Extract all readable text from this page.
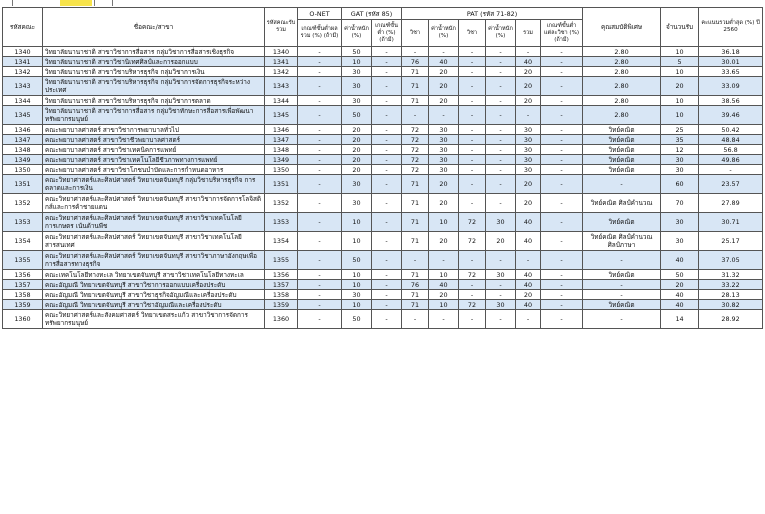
รหัสคณะ	ชื่อคณะ/สาขา	รหัสคณะรับรวม	O-NET	GAT (รหัส 85)		PAT (รหัส 71-82)						คุณสมบัติพิเศษ	จำนวนรับ	คะแนนรวมต่ำสุด (%) ปี 2560
			เกณฑ์ขั้นต่ำผลรวม (%) (ถ้ามี)	ค่าน้ำหนัก (%)	เกณฑ์ขั้นต่ำ (%) (ถ้ามี)	วิชา	ค่าน้ำหนัก (%)	วิชา	ค่าน้ำหนัก (%)	รวม	เกณฑ์ขั้นต่ำแต่ละวิชา (%) (ถ้ามี)			
1340	วิทยาลัยนานาชาติ สาขาวิชาการสื่อสาร กลุ่มวิชาการสื่อสารเชิงธุรกิจ	1340	-	50	-	-	-	-	-	-	-	2.80	10	36.18
1341	วิทยาลัยนานาชาติ สาขาวิชานิเทศศิลป์และการออกแบบ	1341	-	10	-	76	40	-	-	40	-	2.80	5	30.01
1342	วิทยาลัยนานาชาติ สาขาวิชาบริหารธุรกิจ กลุ่มวิชาการเงิน	1342	-	30	-	71	20	-	-	20	-	2.80	10	33.65
1343	วิทยาลัยนานาชาติ สาขาวิชาบริหารธุรกิจ กลุ่มวิชาการจัดการธุรกิจระหว่างประเทศ	1343	-	30	-	71	20	-	-	20	-	2.80	20	33.09
1344	วิทยาลัยนานาชาติ สาขาวิชาบริหารธุรกิจ กลุ่มวิชาการตลาด	1344	-	30	-	71	20	-	-	20	-	2.80	10	38.56
1345	วิทยาลัยนานาชาติ สาขาวิชาการสื่อสาร กลุ่มวิชาทักษะการสื่อสารเพื่อพัฒนาทรัพยากรมนุษย์	1345	-	50	-	-	-	-	-	-	-	2.80	10	39.46
1346	คณะพยาบาลศาสตร์ สาขาวิชาการพยาบาลทั่วไป	1346	-	20	-	72	30	-	-	30	-	วิทย์คณิต	25	50.42
1347	คณะพยาบาลศาสตร์ สาขาวิชาชีวพยาบาลศาสตร์	1347	-	20	-	72	30	-	-	30	-	วิทย์คณิต	35	48.84
1348	คณะพยาบาลศาสตร์ สาขาวิชาเทคนิคการแพทย์	1348	-	20	-	72	30	-	-	30	-	วิทย์คณิต	12	56.8
1349	คณะพยาบาลศาสตร์ สาขาวิชาเทคโนโลยีชีวภาพทางการแพทย์	1349	-	20	-	72	30	-	-	30	-	วิทย์คณิต	30	49.86
1350	คณะพยาบาลศาสตร์ สาขาวิชาโภชนบำบัดและการกำหนดอาหาร	1350	-	20	-	72	30	-	-	30	-	วิทย์คณิต	30	-
1351	คณะวิทยาศาสตร์และศิลปศาสตร์ วิทยาเขตจันทบุรี กลุ่มวิชาบริหารธุรกิจ การตลาดและการเงิน	1351	-	30	-	71	20	-	-	20	-	-	60	23.57
1352	คณะวิทยาศาสตร์และศิลปศาสตร์ วิทยาเขตจันทบุรี สาขาวิชาการจัดการโลจิสติกส์และการค้าชายแดน	1352	-	30	-	71	20	-	-	20	-	วิทย์คณิต ศิลป์คำนวณ	70	27.89
1353	คณะวิทยาศาสตร์และศิลปศาสตร์ วิทยาเขตจันทบุรี สาขาวิชาเทคโนโลยีการเกษตร เน้นด้านพืช	1353	-	10	-	71	10	72	30	40	-	วิทย์คณิต	30	30.71
1354	คณะวิทยาศาสตร์และศิลปศาสตร์ วิทยาเขตจันทบุรี สาขาวิชาเทคโนโลยีสารสนเทศ	1354	-	10	-	71	20	72	20	40	-	วิทย์คณิต ศิลป์คำนวณ ศิลป์ภาษา	30	25.17
1355	คณะวิทยาศาสตร์และศิลปศาสตร์ วิทยาเขตจันทบุรี สาขาวิชาภาษาอังกฤษเพื่อการสื่อสารทางธุรกิจ	1355	-	50	-	-	-	-	-	-	-	-	40	37.05
1356	คณะเทคโนโลยีทางทะเล วิทยาเขตจันทบุรี สาขาวิชาเทคโนโลยีทางทะเล	1356	-	10	-	71	10	72	30	40	-	วิทย์คณิต	50	31.32
1357	คณะอัญมณี วิทยาเขตจันทบุรี สาขาวิชาการออกแบบเครื่องประดับ	1357	-	10	-	76	40	-	-	40	-	-	20	33.22
1358	คณะอัญมณี วิทยาเขตจันทบุรี สาขาวิชาธุรกิจอัญมณีและเครื่องประดับ	1358	-	30	-	71	20	-	-	20	-	-	40	28.13
1359	คณะอัญมณี วิทยาเขตจันทบุรี สาขาวิชาอัญมณีและเครื่องประดับ	1359	-	10	-	71	10	72	30	40	-	วิทย์คณิต	40	30.82
1360	คณะวิทยาศาสตร์และสังคมศาสตร์ วิทยาเขตสระแก้ว สาขาวิชาการจัดการทรัพยากรมนุษย์	1360	-	50	-	-	-	-	-	-	-	-	14	28.92
